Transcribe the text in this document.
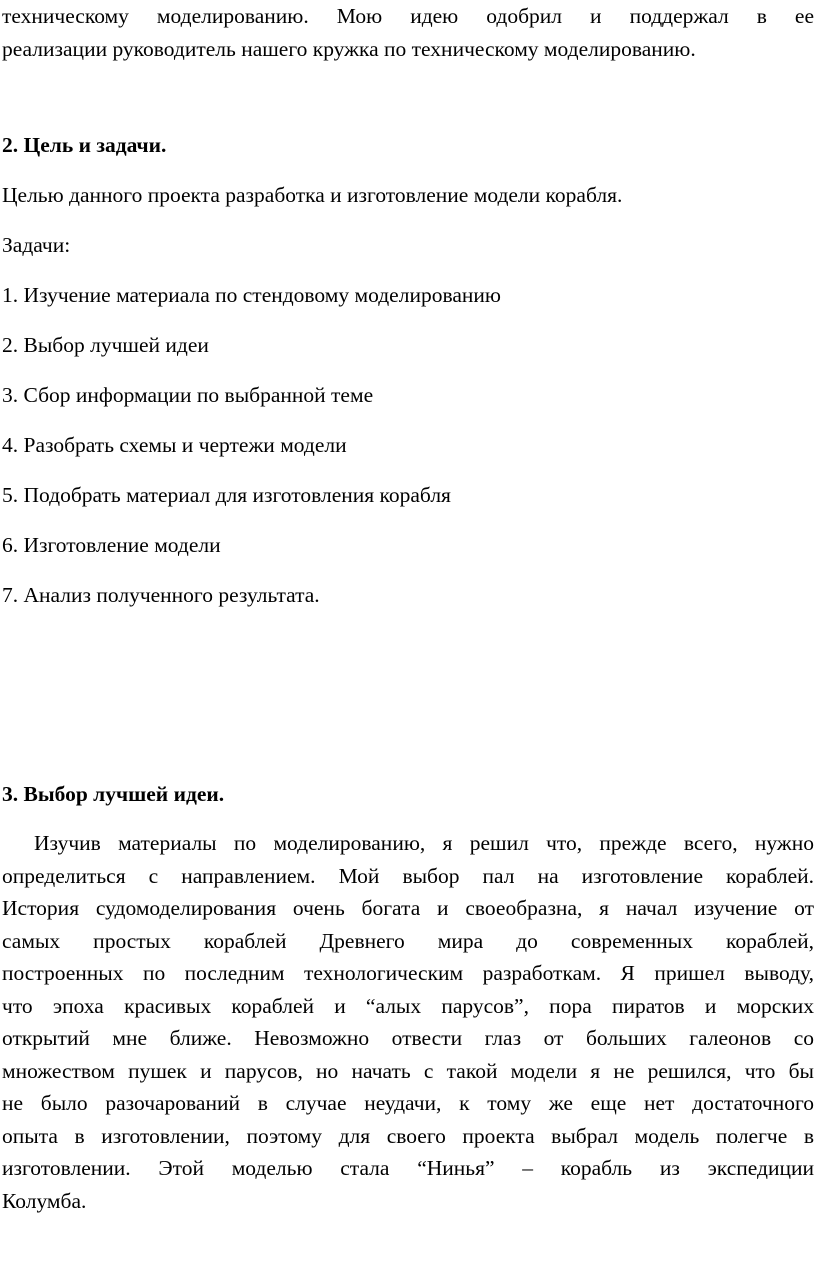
техническому моделированию. Мою идею одобрил и поддержал в ее
реализации руководитель нашего кружка по техническому моделированию.

2. Цель и задачи.

Целью данного проекта разработка и изготовление модели корабля.

Задачи:

1. Изучение материала по стендовому моделированию

2. Выбор лучшей идеи

3. Сбор информации по выбранной теме

4. Разобрать схемы и чертежи модели

5. Подобрать материал для изготовления корабля

6. Изготовление модели

7. Анализ полученного результата.

3. Выбор лучшей идеи.

Изучив материалы по моделированию, я решил что, прежде всего, нужно
определиться с направлением. Мой выбор пал на изготовление кораблей.
История судомоделирования очень богата и своеобразна, я начал изучение от
самых простых кораблей Древнего мира до современных кораблей,
построенных по последним технологическим разработкам. Я пришел выводу,
что эпоха красивых кораблей и “алых парусов”, пора пиратов и морских
открытий мне ближе. Невозможно отвести глаз от больших галеонов со
множеством пушек и парусов, но начать с такой модели я не решился, что бы
не было разочарований в случае неудачи, к тому же еще нет достаточного
опыта в изготовлении, поэтому для своего проекта выбрал модель полегче в
изготовлении. Этой моделью стала “Нинья” – корабль из экспедиции
Колумба.
